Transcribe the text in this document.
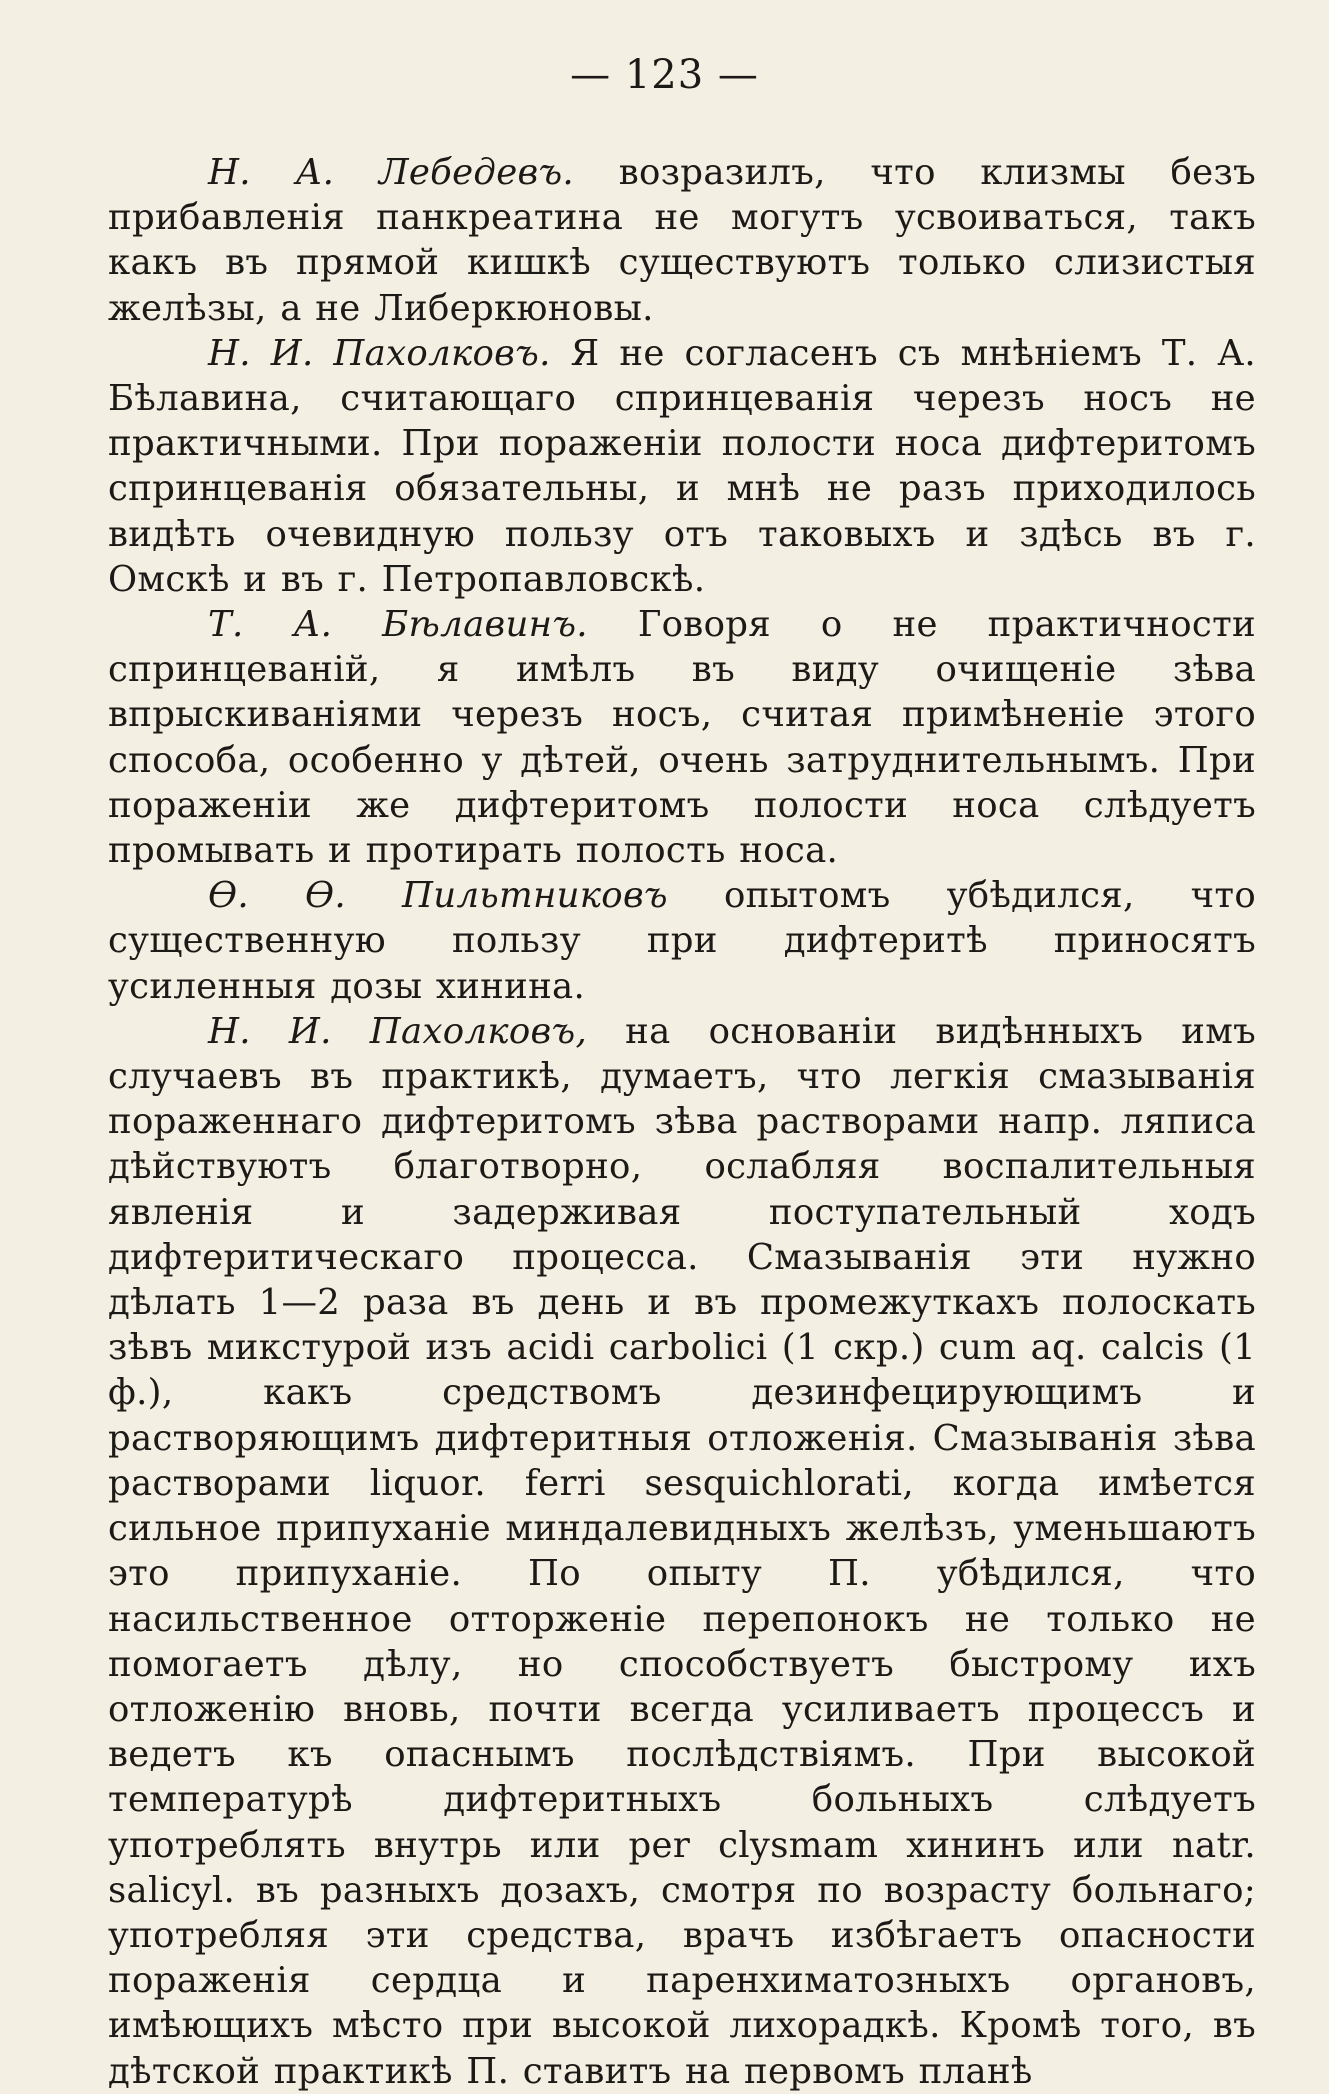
— 123 —

Н. А. Лебедевъ. возразилъ, что клизмы безъ прибавленія панкреатина не могутъ усвоиваться, такъ какъ въ прямой кишкѣ существуютъ только слизистыя желѣзы, а не Либеркюновы.

Н. И. Пахолковъ. Я не согласенъ съ мнѣніемъ Т. А. Бѣлавина, считающаго спринцеванія черезъ носъ не практичными. При пораженіи полости носа дифтеритомъ спринцеванія обязательны, и мнѣ не разъ приходилось видѣть очевидную пользу отъ таковыхъ и здѣсь въ г. Омскѣ и въ г. Петропавловскѣ.

Т. А. Бѣлавинъ. Говоря о не практичности спринцеваній, я имѣлъ въ виду очищеніе зѣва впрыскиваніями черезъ носъ, считая примѣненіе этого способа, особенно у дѣтей, очень затруднительнымъ. При пораженіи же дифтеритомъ полости носа слѣдуетъ промывать и протирать полость носа.

Ѳ. Ѳ. Пильтниковъ опытомъ убѣдился, что существенную пользу при дифтеритѣ приносятъ усиленныя дозы хинина.

Н. И. Пахолковъ, на основаніи видѣнныхъ имъ случаевъ въ практикѣ, думаетъ, что легкія смазыванія пораженнаго дифтеритомъ зѣва растворами напр. ляписа дѣйствуютъ благотворно, ослабляя воспалительныя явленія и задерживая поступательный ходъ дифтеритическаго процесса. Смазыванія эти нужно дѣлать 1—2 раза въ день и въ промежуткахъ полоскать зѣвъ микстурой изъ acidi carbolici (1 скр.) cum aq. calcis (1 ф.), какъ средствомъ дезинфецирующимъ и растворяющимъ дифтеритныя отложенія. Смазыванія зѣва растворами liquor. ferri sesquichlorati, когда имѣется сильное припуханіе миндалевидныхъ желѣзъ, уменьшаютъ это припуханіе. По опыту П. убѣдился, что насильственное отторженіе перепонокъ не только не помогаетъ дѣлу, но способствуетъ быстрому ихъ отложенію вновь, почти всегда усиливаетъ процессъ и ведетъ къ опаснымъ послѣдствіямъ. При высокой температурѣ дифтеритныхъ больныхъ слѣдуетъ употреблять внутрь или per clysmam хининъ или natr. salicyl. въ разныхъ дозахъ, смотря по возрасту больнаго; употребляя эти средства, врачъ избѣгаетъ опасности пораженія сердца и паренхиматозныхъ органовъ, имѣющихъ мѣсто при высокой лихорадкѣ. Кромѣ того, въ дѣтской практикѣ П. ставитъ на первомъ планѣ
